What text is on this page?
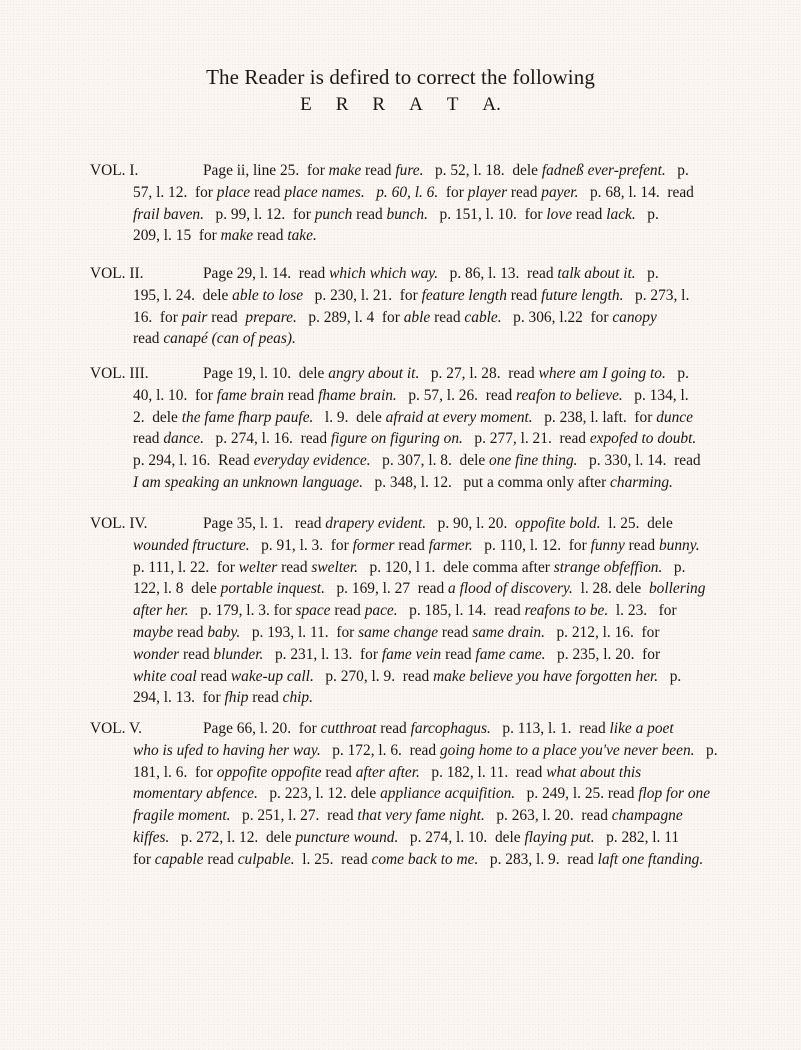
The Reader is defired to correct the following
E R R A T A.
VOL. I.	Page ii, line 25.  for make read fure.   p. 52, l. 18.  dele fadneß ever-prefent.   p.
57, l. 12.  for place read place names. p. 60, l. 6.  for player read payer.   p. 68, l. 14.  read
frail baven.   p. 99, l. 12.  for punch read bunch.   p. 151, l. 10.  for love read lack.   p.
209, l. 15  for make read take.
VOL. II.	Page 29, l. 14.  read which which way.   p. 86, l. 13.  read talk about it.   p.
195, l. 24.  dele able to lose   p. 230, l. 21.  for feature length read future length.   p. 273, l.
16.  for pair read  prepare.   p. 289, l. 4  for able read cable.   p. 306, l.22  for canopy
read canapé (can of peas).
VOL. III.	Page 19, l. 10.  dele angry about it.   p. 27, l. 28.  read where am I going to.   p.
40, l. 10.  for fame brain read fhame brain.   p. 57, l. 26.  read reafon to believe.   p. 134, l.
2.  dele the fame fharp paufe.   l. 9.  dele afraid at every moment.   p. 238, l. laft.  for dunce
read dance.   p. 274, l. 16.  read figure on figuring on.   p. 277, l. 21.  read expofed to doubt.
p. 294, l. 16.  Read everyday evidence.   p. 307, l. 8.  dele one fine thing.   p. 330, l. 14.  read
I am speaking an unknown language.   p. 348, l. 12.   put a comma only after charming.
VOL. IV.	Page 35, l. 1.   read drapery evident.   p. 90, l. 20.  oppofite bold.  l. 25.  dele
wounded ftructure.   p. 91, l. 3.  for former read farmer.   p. 110, l. 12.  for funny read bunny.
p. 111, l. 22.  for welter read swelter.   p. 120, l 1.  dele comma after strange obfeffion.   p.
122, l. 8  dele portable inquest.   p. 169, l. 27  read a flood of discovery.  l. 28. dele  bollering
after her.   p. 179, l. 3. for space read pace.   p. 185, l. 14.  read reafons to be.  l. 23.   for
maybe read baby.   p. 193, l. 11.  for same change read same drain.   p. 212, l. 16.  for
wonder read blunder.   p. 231, l. 13.  for fame vein read fame came.   p. 235, l. 20.  for
white coal read wake-up call.   p. 270, l. 9.  read make believe you have forgotten her.   p.
294, l. 13.  for fhip read chip.
VOL. V.	Page 66, l. 20.  for cutthroat read farcophagus.   p. 113, l. 1.  read like a poet
who is ufed to having her way.   p. 172, l. 6.  read going home to a place you've never been.   p.
181, l. 6.  for oppofite oppofite read after after.   p. 182, l. 11.  read what about this
momentary abfence.   p. 223, l. 12. dele appliance acquifition.   p. 249, l. 25. read flop for one
fragile moment.   p. 251, l. 27.  read that very fame night.   p. 263, l. 20.  read champagne
kiffes.   p. 272, l. 12.  dele puncture wound.   p. 274, l. 10.  dele flaying put.   p. 282, l. 11
for capable read culpable.  l. 25.  read come back to me.   p. 283, l. 9.  read laft one ftanding.
